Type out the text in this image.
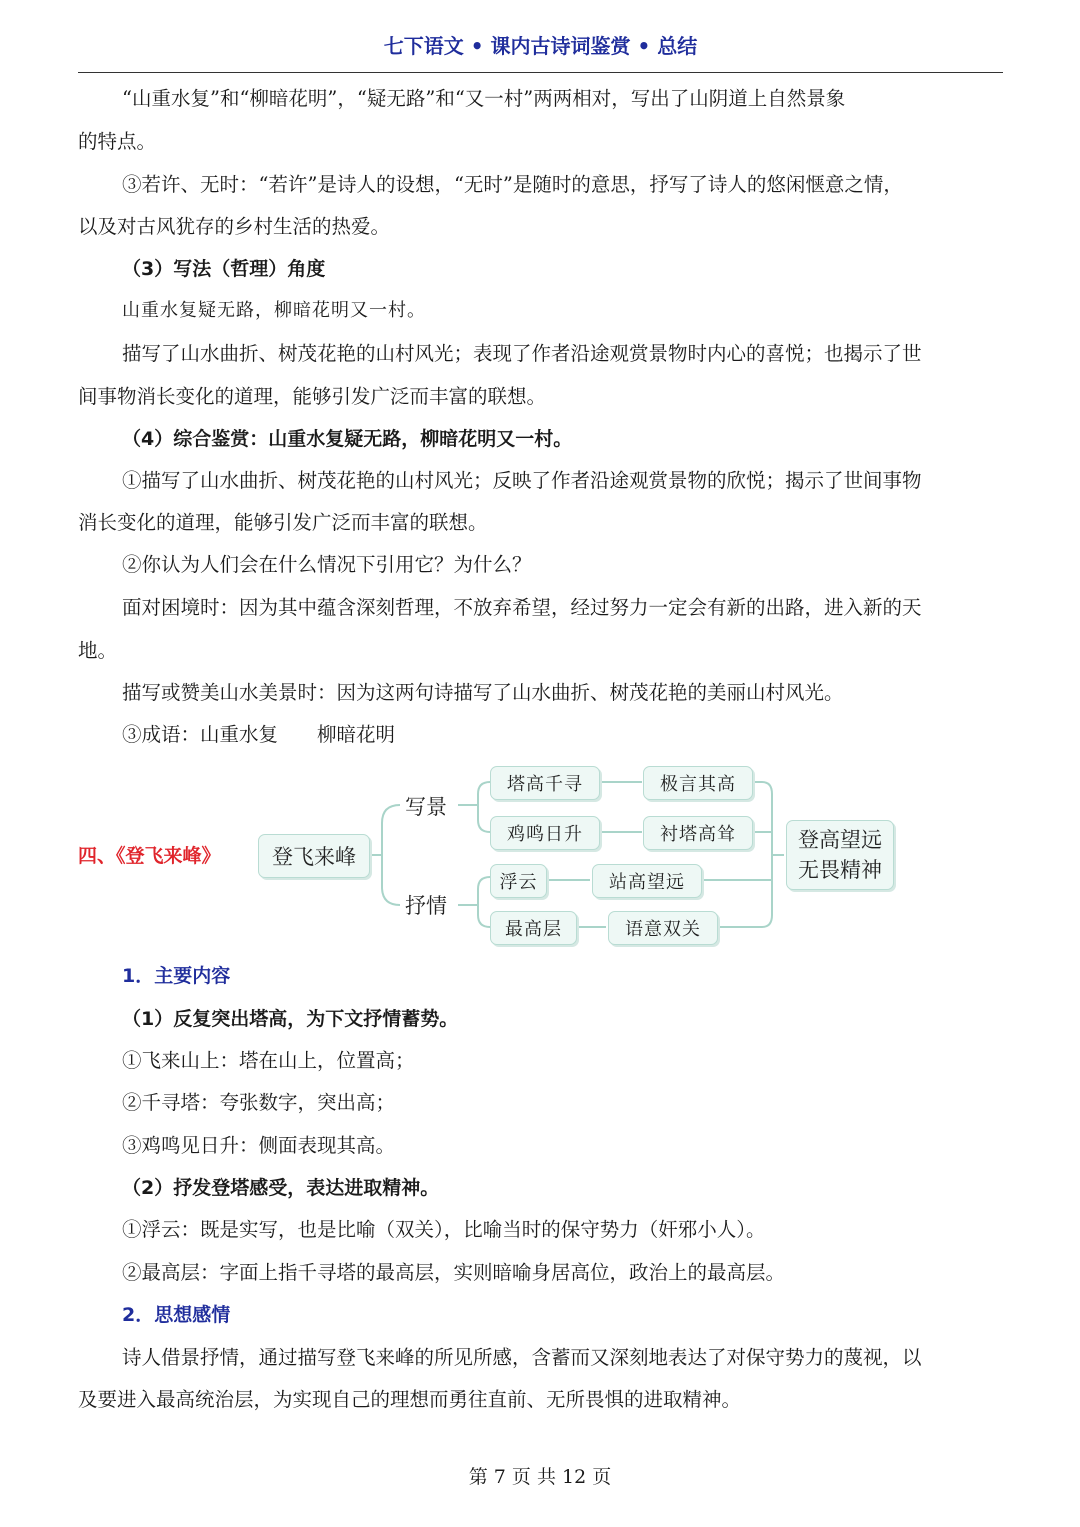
七下语文 • 课内古诗词鉴赏 • 总结
“山重水复”和“柳暗花明”，“疑无路”和“又一村”两两相对，写出了山阴道上自然景象
的特点。
③若许、无时：“若许”是诗人的设想，“无时”是随时的意思，抒写了诗人的悠闲惬意之情，
以及对古风犹存的乡村生活的热爱。
（3）写法（哲理）角度
山重水复疑无路，柳暗花明又一村。
描写了山水曲折、树茂花艳的山村风光；表现了作者沿途观赏景物时内心的喜悦；也揭示了世
间事物消长变化的道理，能够引发广泛而丰富的联想。
（4）综合鉴赏：山重水复疑无路，柳暗花明又一村。
①描写了山水曲折、树茂花艳的山村风光；反映了作者沿途观赏景物的欣悦；揭示了世间事物
消长变化的道理，能够引发广泛而丰富的联想。
②你认为人们会在什么情况下引用它？为什么？
面对困境时：因为其中蕴含深刻哲理，不放弃希望，经过努力一定会有新的出路，进入新的天
地。
描写或赞美山水美景时：因为这两句诗描写了山水曲折、树茂花艳的美丽山村风光。
③成语：山重水复　　柳暗花明
四、《登飞来峰》	登飞来峰
写景
抒情
塔高千寻
鸡鸣日升
浮云
最高层
极言其高
衬塔高耸
站高望远
语意双关
登高望远
无畏精神
1．主要内容
（1）反复突出塔高，为下文抒情蓄势。
①飞来山上：塔在山上，位置高；
②千寻塔：夸张数字，突出高；
③鸡鸣见日升：侧面表现其高。
（2）抒发登塔感受，表达进取精神。
①浮云：既是实写，也是比喻（双关），比喻当时的保守势力（奸邪小人）。
②最高层：字面上指千寻塔的最高层，实则暗喻身居高位，政治上的最高层。
2．思想感情
诗人借景抒情，通过描写登飞来峰的所见所感，含蓄而又深刻地表达了对保守势力的蔑视，以
及要进入最高统治层，为实现自己的理想而勇往直前、无所畏惧的进取精神。
第 7 页 共 12 页
